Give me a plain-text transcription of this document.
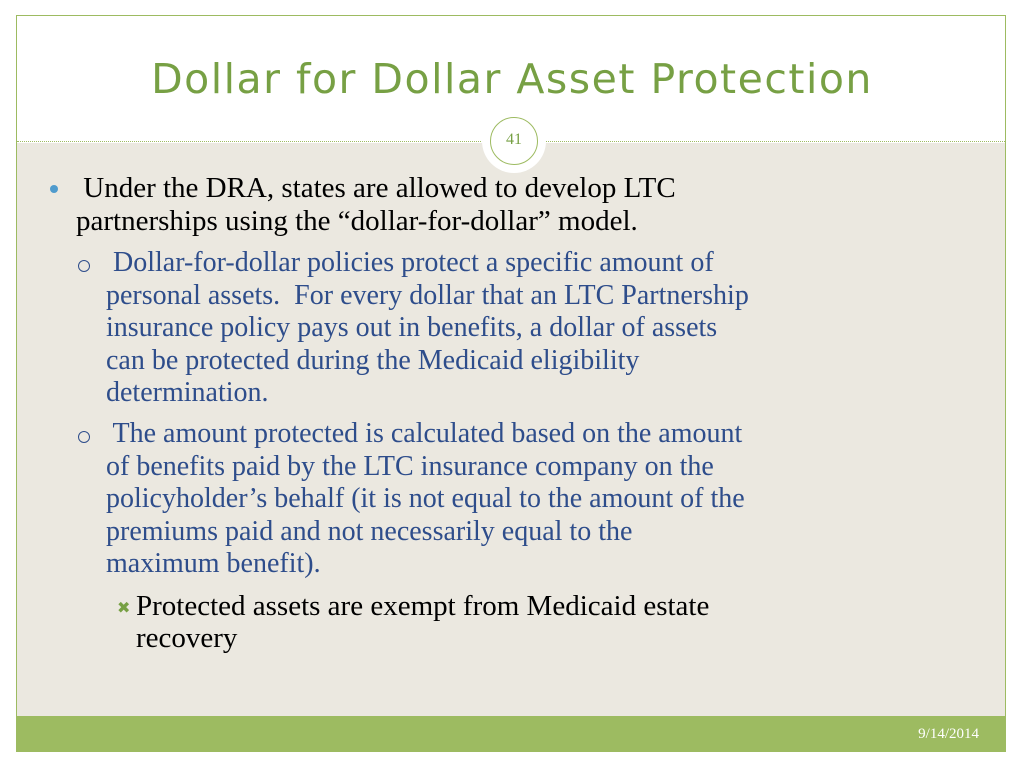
Dollar for Dollar Asset Protection
41
Under the DRA, states are allowed to develop LTC
partnerships using the “dollar-for-dollar” model.
Dollar-for-dollar policies protect a specific amount of
personal assets.  For every dollar that an LTC Partnership
insurance policy pays out in benefits, a dollar of assets
can be protected during the Medicaid eligibility
determination.
The amount protected is calculated based on the amount
of benefits paid by the LTC insurance company on the
policyholder’s behalf (it is not equal to the amount of the
premiums paid and not necessarily equal to the
maximum benefit).
✖ Protected assets are exempt from Medicaid estate
recovery
9/14/2014
